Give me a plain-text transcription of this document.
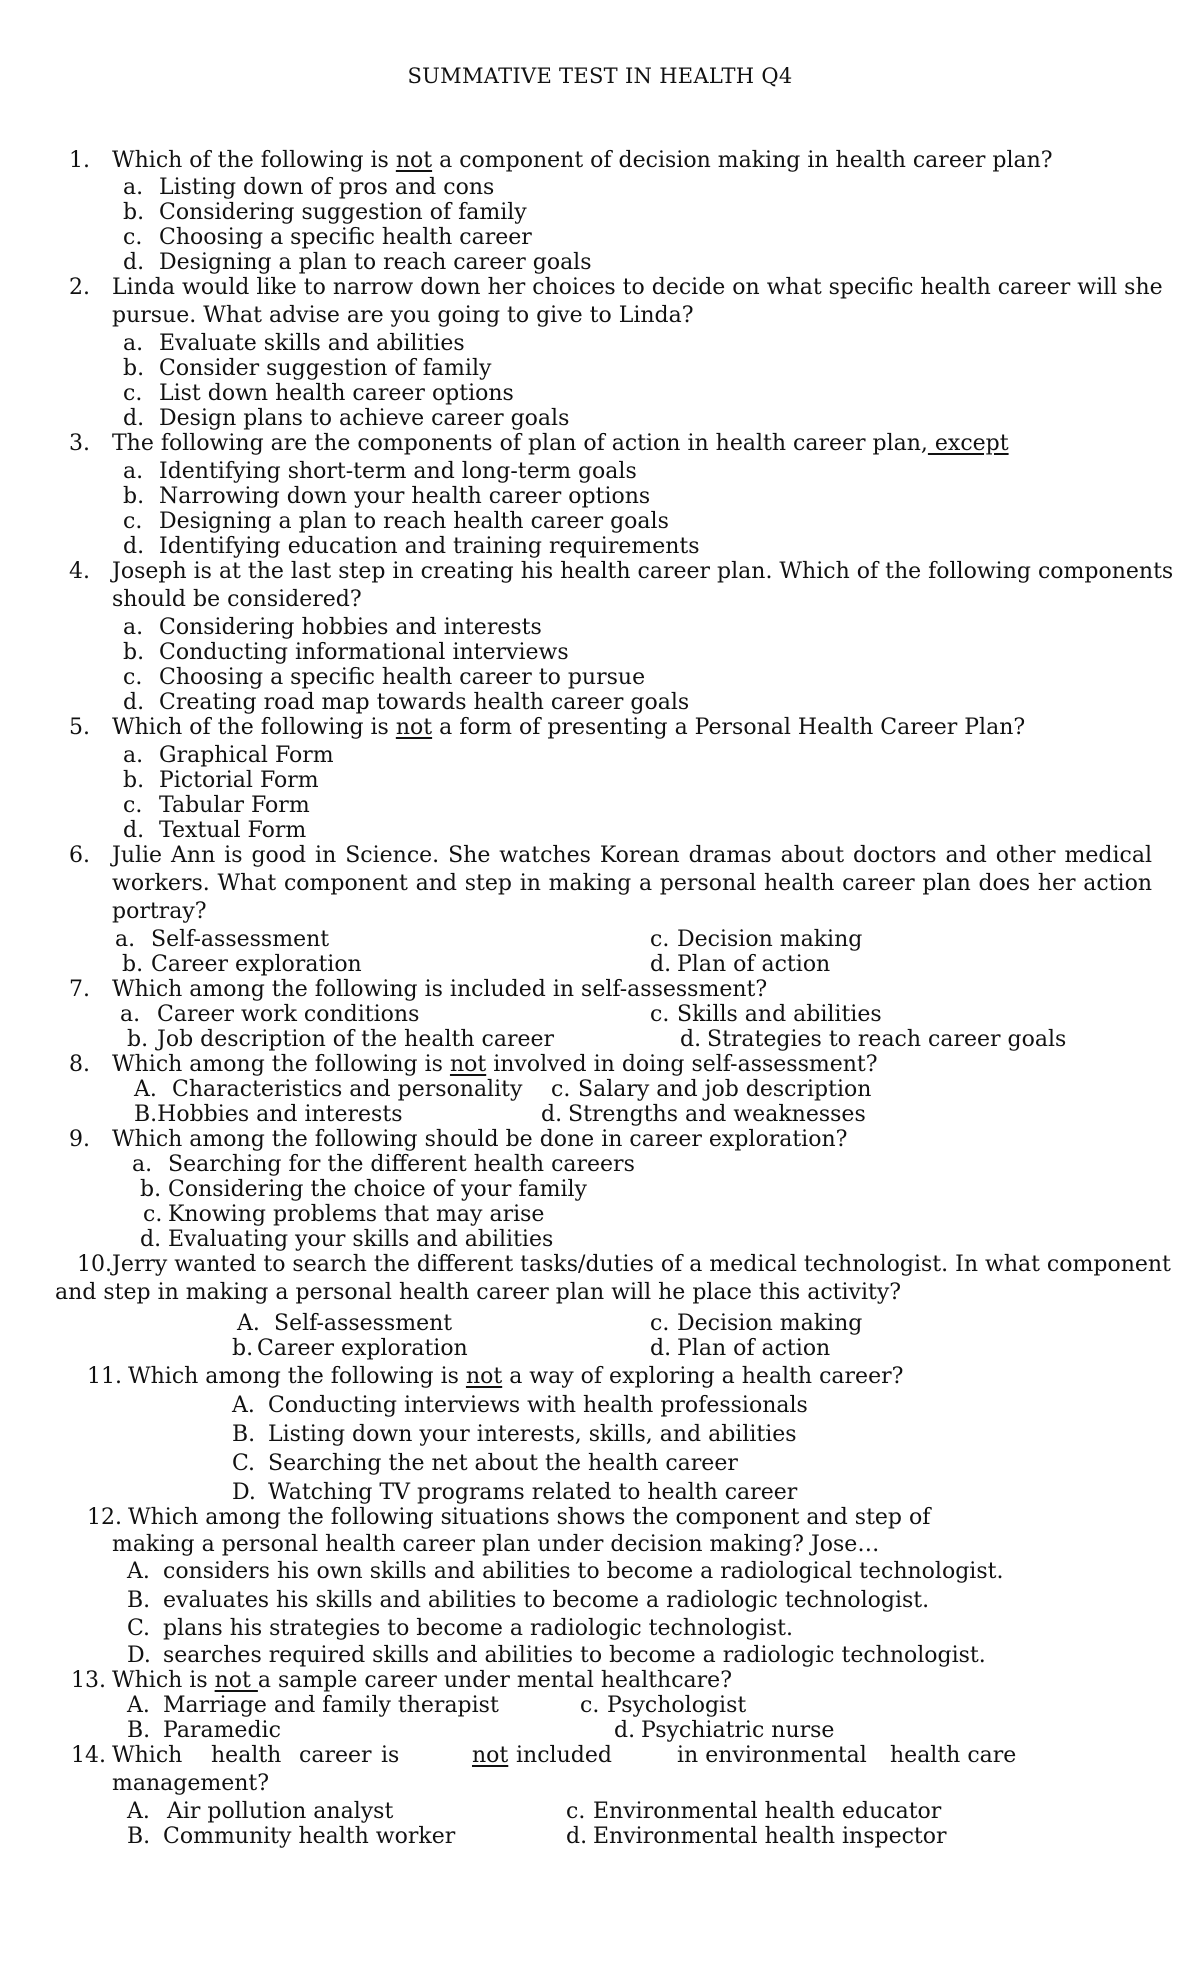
SUMMATIVE TEST IN HEALTH Q4
1. Which of the following is not a component of decision making in health career plan?
a. Listing down of pros and cons
b. Considering suggestion of family
c. Choosing a specific health career
d. Designing a plan to reach career goals
2. Linda would like to narrow down her choices to decide on what specific health career will she
pursue. What advise are you going to give to Linda?
a. Evaluate skills and abilities
b. Consider suggestion of family
c. List down health career options
d. Design plans to achieve career goals
3. The following are the components of plan of action in health career plan, except
a. Identifying short-term and long-term goals
b. Narrowing down your health career options
c. Designing a plan to reach health career goals
d. Identifying education and training requirements
4. Joseph is at the last step in creating his health career plan. Which of the following components
should be considered?
a. Considering hobbies and interests
b. Conducting informational interviews
c. Choosing a specific health career to pursue
d. Creating road map towards health career goals
5. Which of the following is not a form of presenting a Personal Health Career Plan?
a. Graphical Form
b. Pictorial Form
c. Tabular Form
d. Textual Form
6. Julie Ann is good in Science. She watches Korean dramas about doctors and other medical
workers. What component and step in making a personal health career plan does her action
portray?
a. Self-assessment
b. Career exploration
c. Decision making
d. Plan of action
7. Which among the following is included in self-assessment?
a. Career work conditions
b. Job description of the health career
c. Skills and abilities
d. Strategies to reach career goals
8. Which among the following is not involved in doing self-assessment?
A. Characteristics and personality
B.Hobbies and interests
c. Salary and job description
d. Strengths and weaknesses
9. Which among the following should be done in career exploration?
a. Searching for the different health careers
b. Considering the choice of your family
c. Knowing problems that may arise
d. Evaluating your skills and abilities
10. Jerry wanted to search the different tasks/duties of a medical technologist. In what component
and step in making a personal health career plan will he place this activity?
A. Self-assessment
b. Career exploration
c. Decision making
d. Plan of action
11. Which among the following is not a way of exploring a health career?
A. Conducting interviews with health professionals
B. Listing down your interests, skills, and abilities
C. Searching the net about the health career
D. Watching TV programs related to health career
12. Which among the following situations shows the component and step of
making a personal health career plan under decision making? Jose…
A. considers his own skills and abilities to become a radiological technologist.
B. evaluates his skills and abilities to become a radiologic technologist.
C. plans his strategies to become a radiologic technologist.
D. searches required skills and abilities to become a radiologic technologist.
13. Which is not a sample career under mental healthcare?
A. Marriage and family therapist
B. Paramedic
c. Psychologist
d. Psychiatric nurse
14. Which health career is	not included	in environmental health care
management?
A. Air pollution analyst
B. Community health worker
c. Environmental health educator
d. Environmental health inspector
